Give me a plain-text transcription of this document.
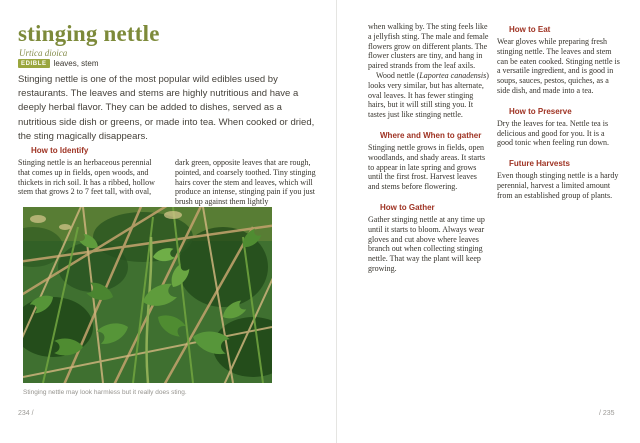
stinging nettle
Urtica dioica
EDIBLE leaves, stem

Stinging nettle is one of the most popular wild edibles used by restaurants. The leaves and stems are highly nutritious and have a deeply herbal flavor. They can be added to dishes, served as a nutritious side dish or greens, or made into tea. When cooked or dried, the sting magically disappears.

How to Identify

Stinging nettle is an herbaceous perennial that comes up in fields, open woods, and thickets in rich soil. It has a ribbed, hollow stem that grows 2 to 7 feet tall, with oval,

dark green, opposite leaves that are rough, pointed, and coarsely toothed. Tiny stinging hairs cover the stem and leaves, which will produce an intense, stinging pain if you just brush up against them lightly

Stinging nettle may look harmless but it really does sting.
234 /

when walking by. The sting feels like a jellyfish sting. The male and female flowers grow on different plants. The flower clusters are tiny, and hang in paired strands from the leaf axils.

Wood nettle (Laportea canadensis) looks very similar, but has alternate, oval leaves. It has fewer stinging hairs, but it will still sting you. It tastes just like stinging nettle.

Where and When to gather

Stinging nettle grows in fields, open woodlands, and shady areas. It starts to appear in late spring and grows until the first frost. Harvest leaves and stems before flowering.

How to Gather

Gather stinging nettle at any time up until it starts to bloom. Always wear gloves and cut above where leaves branch out when collecting stinging nettle. That way the plant will keep growing.

How to Eat

Wear gloves while preparing fresh stinging nettle. The leaves and stem can be eaten cooked. Stinging nettle is a versatile ingredient, and is good in soups, sauces, pestos, quiches, as a side dish, and made into a tea.

How to Preserve

Dry the leaves for tea. Nettle tea is delicious and good for you. It is a good tonic when feeling run down.

Future Harvests

Even though stinging nettle is a hardy perennial, harvest a limited amount from an established group of plants.

/ 235
